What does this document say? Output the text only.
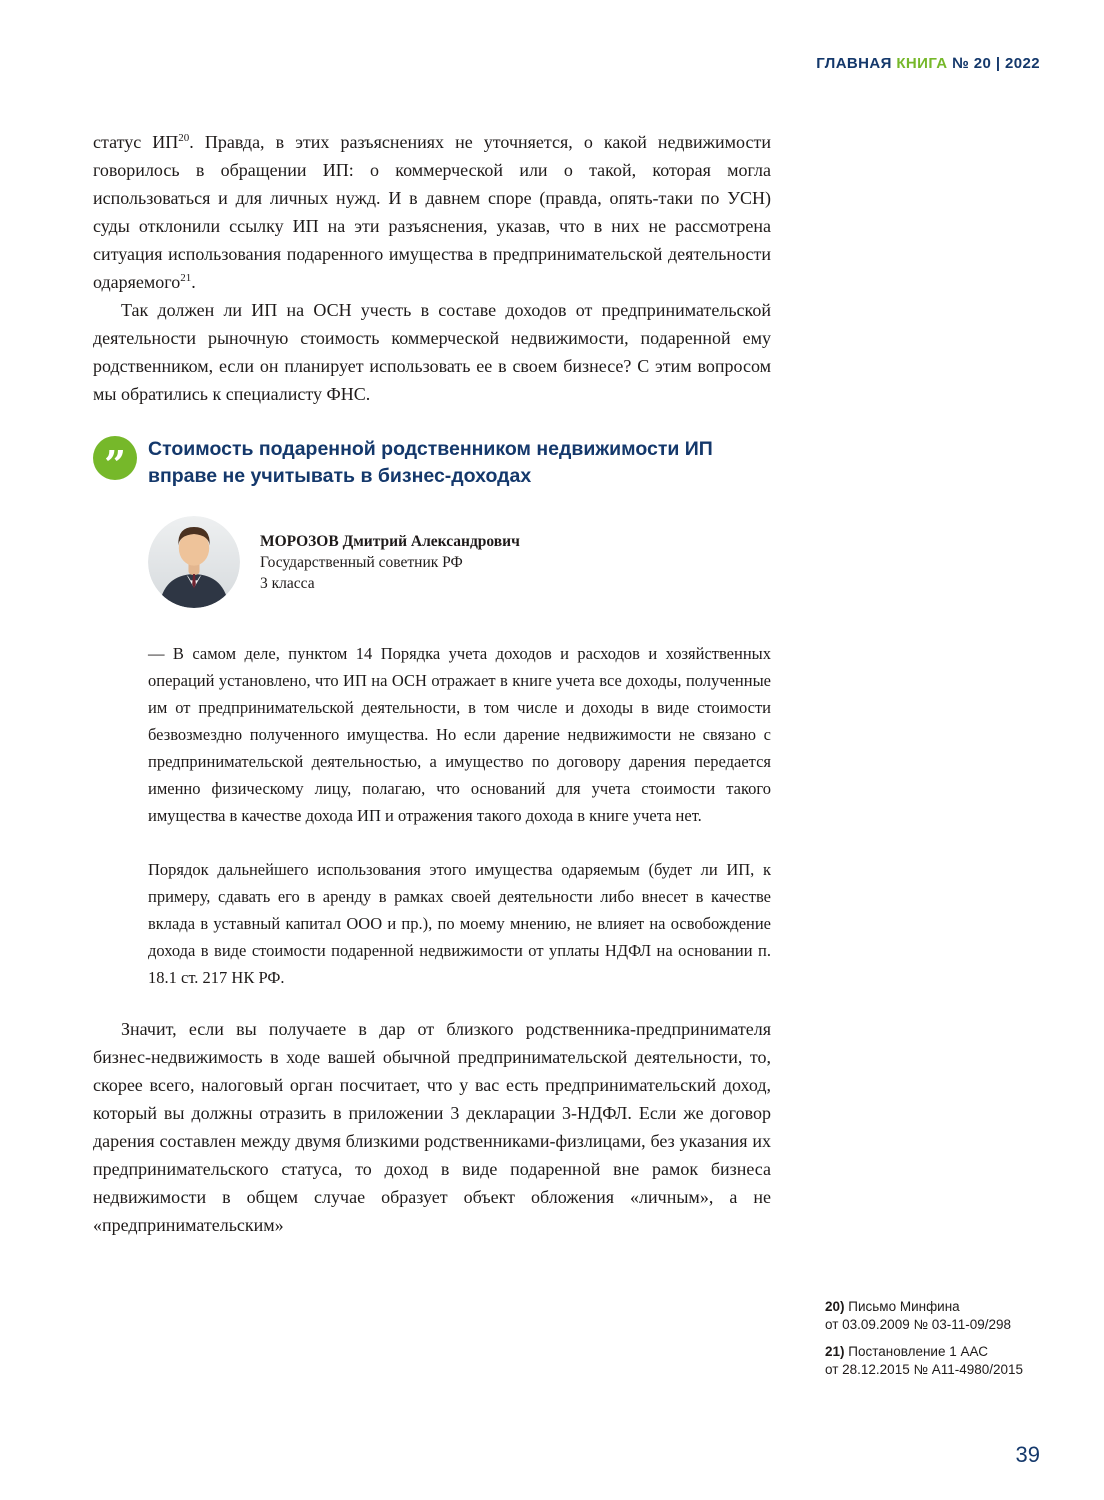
ГЛАВНАЯ КНИГА № 20 | 2022

статус ИП$^{20}$. Правда, в этих разъяснениях не уточняется, о какой недвижимости говорилось в обращении ИП: о коммерческой или о такой, которая могла использоваться и для личных нужд. И в давнем споре (правда, опять-таки по УСН) суды отклонили ссылку ИП на эти разъяснения, указав, что в них не рассмотрена ситуация использования подаренного имущества в предпринимательской деятельности одаряемого$^{21}$.

Так должен ли ИП на ОСН учесть в составе доходов от предпринимательской деятельности рыночную стоимость коммерческой недвижимости, подаренной ему родственником, если он планирует использовать ее в своем бизнесе? С этим вопросом мы обратились к специалисту ФНС.

”	Стоимость подаренной родственником недвижимости ИП вправе не учитывать в бизнес-доходах
МОРОЗОВ Дмитрий Александрович
Государственный советник РФ
3 класса

— В самом деле, пунктом 14 Порядка учета доходов и расходов и хозяйственных операций установлено, что ИП на ОСН отражает в книге учета все доходы, полученные им от предпринимательской деятельности, в том числе и доходы в виде стоимости безвозмездно полученного имущества. Но если дарение недвижимости не связано с предпринимательской деятельностью, а имущество по договору дарения передается именно физическому лицу, полагаю, что оснований для учета стоимости такого имущества в качестве дохода ИП и отражения такого дохода в книге учета нет.

Порядок дальнейшего использования этого имущества одаряемым (будет ли ИП, к примеру, сдавать его в аренду в рамках своей деятельности либо внесет в качестве вклада в уставный капитал ООО и пр.), по моему мнению, не влияет на освобождение дохода в виде стоимости подаренной недвижимости от уплаты НДФЛ на основании п. 18.1 ст. 217 НК РФ.

Значит, если вы получаете в дар от близкого родственника-предпринимателя бизнес-недвижимость в ходе вашей обычной предпринимательской деятельности, то, скорее всего, налоговый орган посчитает, что у вас есть предпринимательский доход, который вы должны отразить в приложении 3 декларации 3-НДФЛ. Если же договор дарения составлен между двумя близкими родственниками-физлицами, без указания их предпринимательского статуса, то доход в виде подаренной вне рамок бизнеса недвижимости в общем случае образует объект обложения «личным», а не «предпринимательским»

20) Письмо Минфина
от 03.09.2009 № 03-11-09/298
21) Постановление 1 ААС
от 28.12.2015 № А11-4980/2015
39
